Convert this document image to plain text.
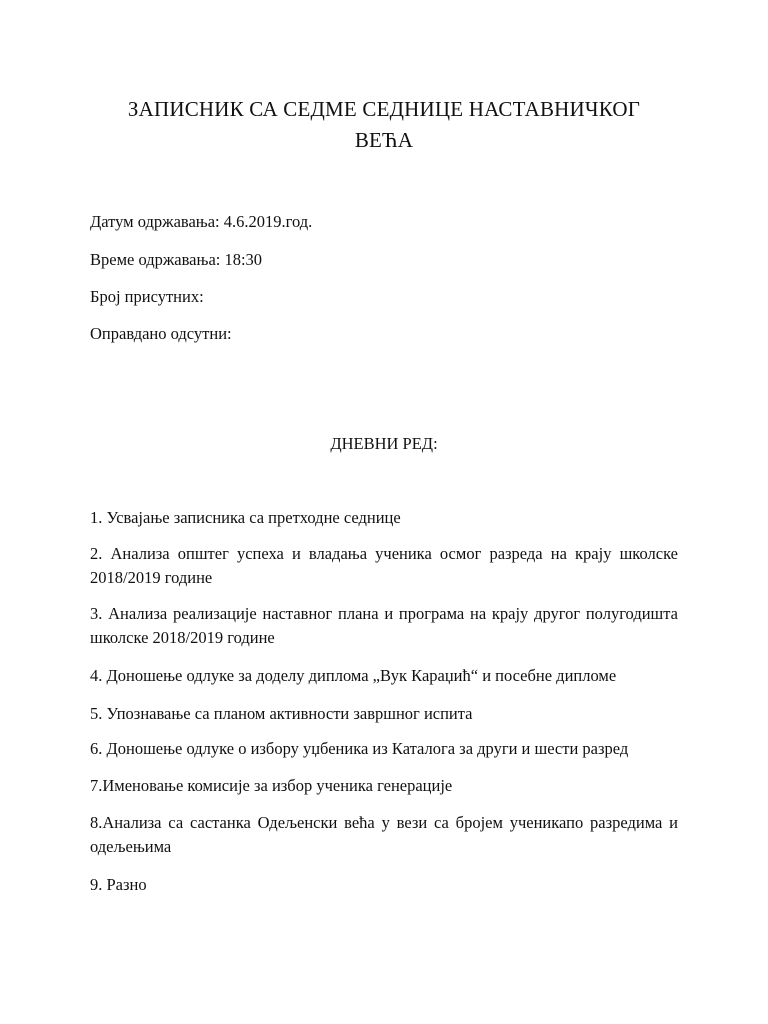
ЗАПИСНИК СА СЕДМЕ СЕДНИЦЕ НАСТАВНИЧКОГ
ВЕЋА
Датум одржавања: 4.6.2019.год.
Време одржавања: 18:30
Број присутних:
Оправдано одсутни:
ДНЕВНИ РЕД:
1. Усвајање записника са претходне седнице
2. Анализа општег успеха и владања ученика осмог разреда на крају школске 2018/2019 године
3. Анализа реализације наставног плана и програма на крају другог полугодишта школске 2018/2019 године
4. Доношење одлуке за доделу диплома „Вук Караџић“ и посебне дипломе
5. Упознавање са планом активности завршног испита
6. Доношење одлуке о избору уџбеника из Каталога за други и шести разред
7.Именовање комисије за избор ученика генерације
8.Анализа са састанка Одељенски већа у вези са бројем ученикапо разредима и одељењима
9. Разно
